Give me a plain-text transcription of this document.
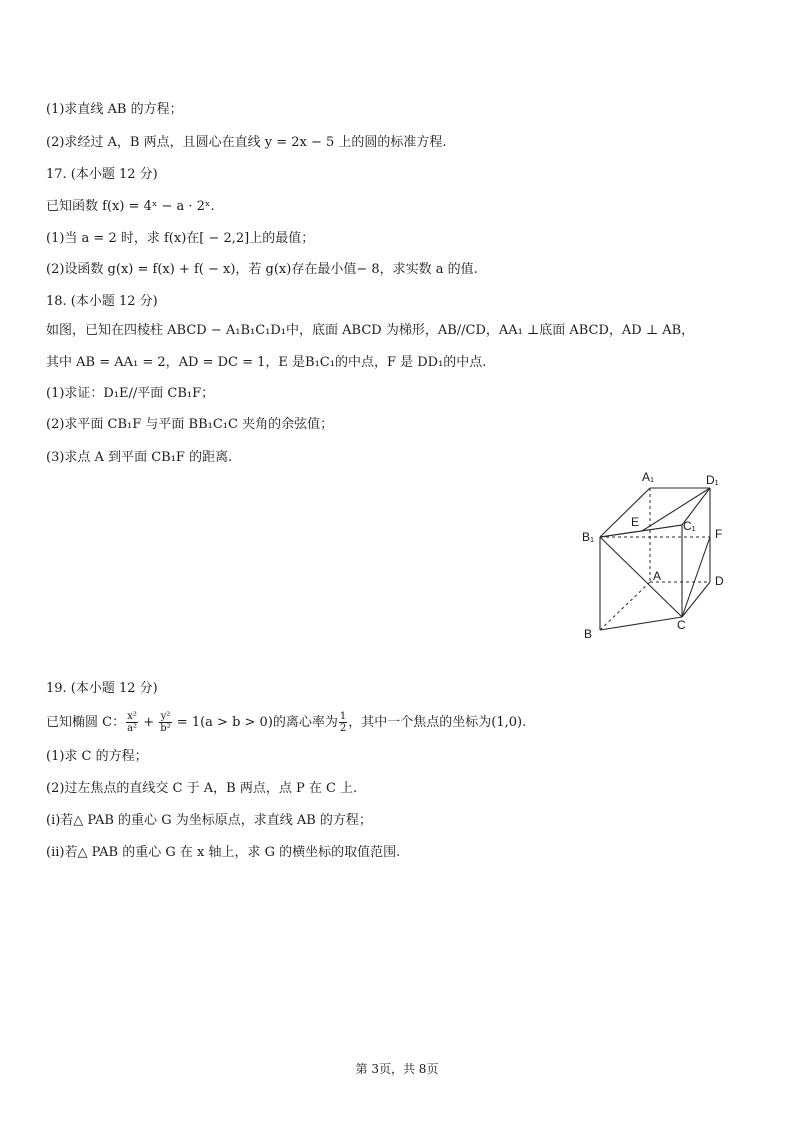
(1)求直线 AB 的方程；
(2)求经过 A，B 两点，且圆心在直线 y = 2x − 5 上的圆的标准方程.
17. (本小题 12 分)
已知函数 f(x) = 4ˣ − a · 2ˣ.
(1)当 a = 2 时，求 f(x)在[ − 2,2]上的最值；
(2)设函数 g(x) = f(x) + f( − x)，若 g(x)存在最小值− 8，求实数 a 的值.
18. (本小题 12 分)
如图，已知在四棱柱 ABCD − A₁B₁C₁D₁中，底面 ABCD 为梯形，AB//CD，AA₁ ⊥底面 ABCD，AD ⊥ AB，
其中 AB = AA₁ = 2，AD = DC = 1，E 是B₁C₁的中点，F 是 DD₁的中点.
(1)求证：D₁E//平面 CB₁F；
(2)求平面 CB₁F 与平面 BB₁C₁C 夹角的余弦值；
(3)求点 A 到平面 CB₁F 的距离.
A₁	D₁
E	C₁
B₁	F
A	D
B
C
19. (本小题 12 分)
已知椭圆 C： $\frac{\text{x²}}{\text{a²}} + \frac{\text{y²}}{\text{b²}} = 1(a > b > 0)$的离心率为 $\frac{1}{2}$ ，其中一个焦点的坐标为(1,0).
(1)求 C 的方程；
(2)过左焦点的直线交 C 于 A，B 两点，点 P 在 C 上.
(i)若△ PAB 的重心 G 为坐标原点，求直线 AB 的方程；
(ii)若△ PAB 的重心 G 在 x 轴上，求 G 的横坐标的取值范围.
第 3页，共 8页
